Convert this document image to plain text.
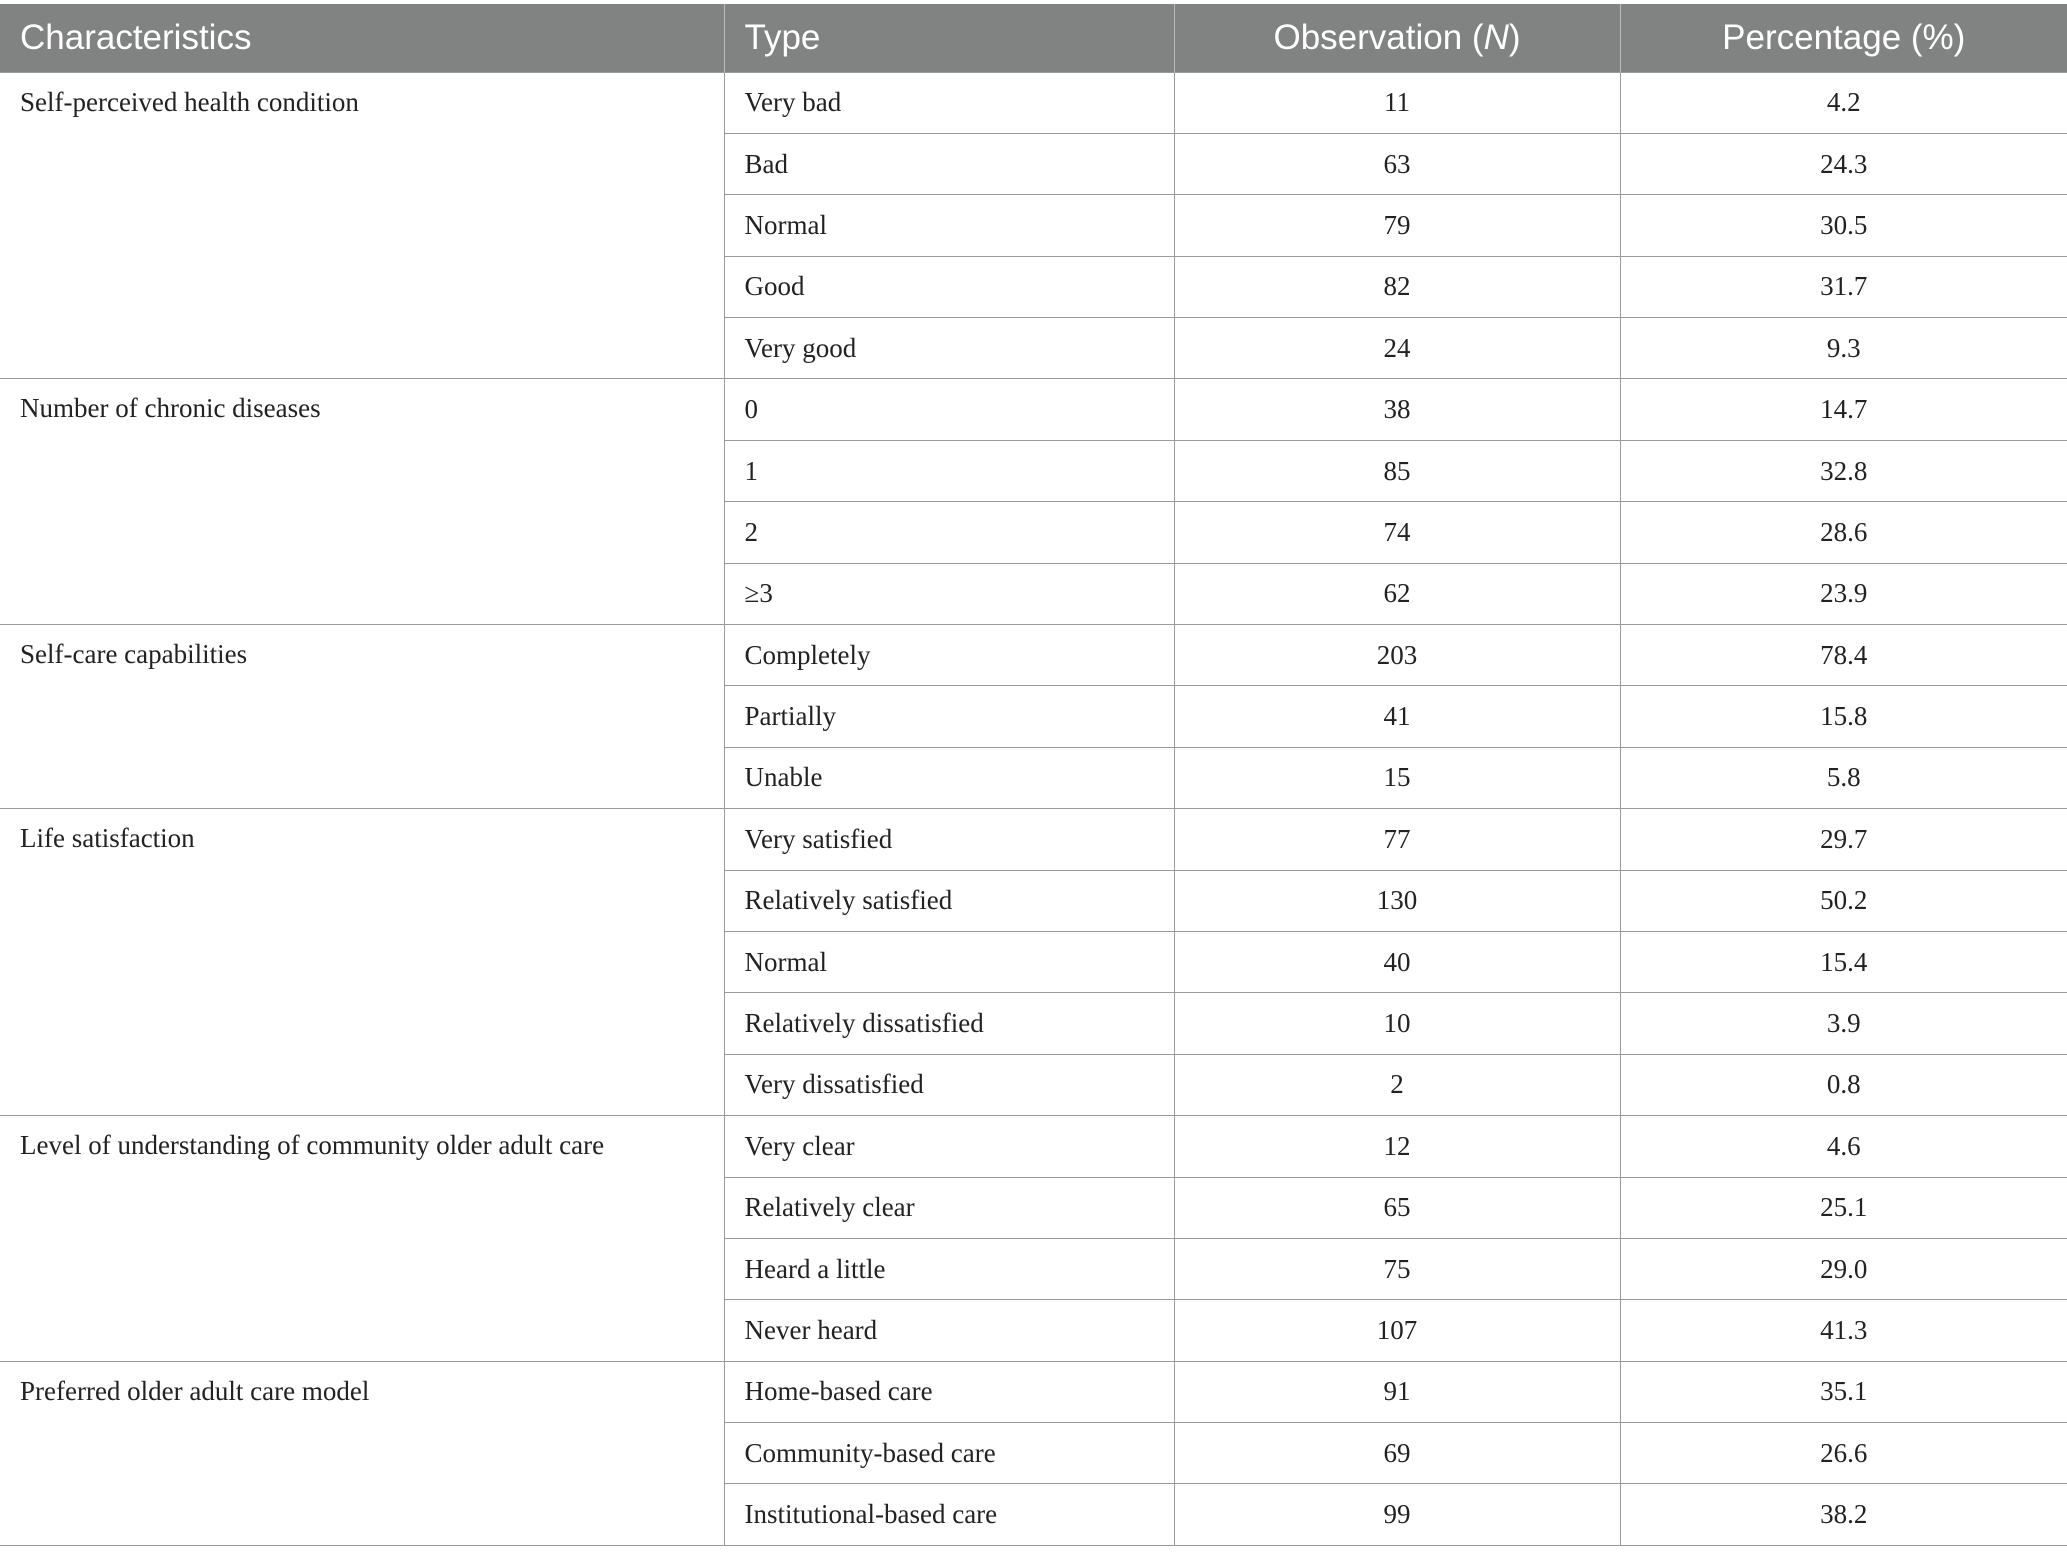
Characteristics	Type	Observation (N)	Percentage (%)
Self-perceived health condition	Very bad	11	4.2
	Bad	63	24.3
	Normal	79	30.5
	Good	82	31.7
	Very good	24	9.3
Number of chronic diseases	0	38	14.7
	1	85	32.8
	2	74	28.6
	≥3	62	23.9
Self-care capabilities	Completely	203	78.4
	Partially	41	15.8
	Unable	15	5.8
Life satisfaction	Very satisfied	77	29.7
	Relatively satisfied	130	50.2
	Normal	40	15.4
	Relatively dissatisfied	10	3.9
	Very dissatisfied	2	0.8
Level of understanding of community older adult care	Very clear	12	4.6
	Relatively clear	65	25.1
	Heard a little	75	29.0
	Never heard	107	41.3
Preferred older adult care model	Home-based care	91	35.1
	Community-based care	69	26.6
	Institutional-based care	99	38.2
